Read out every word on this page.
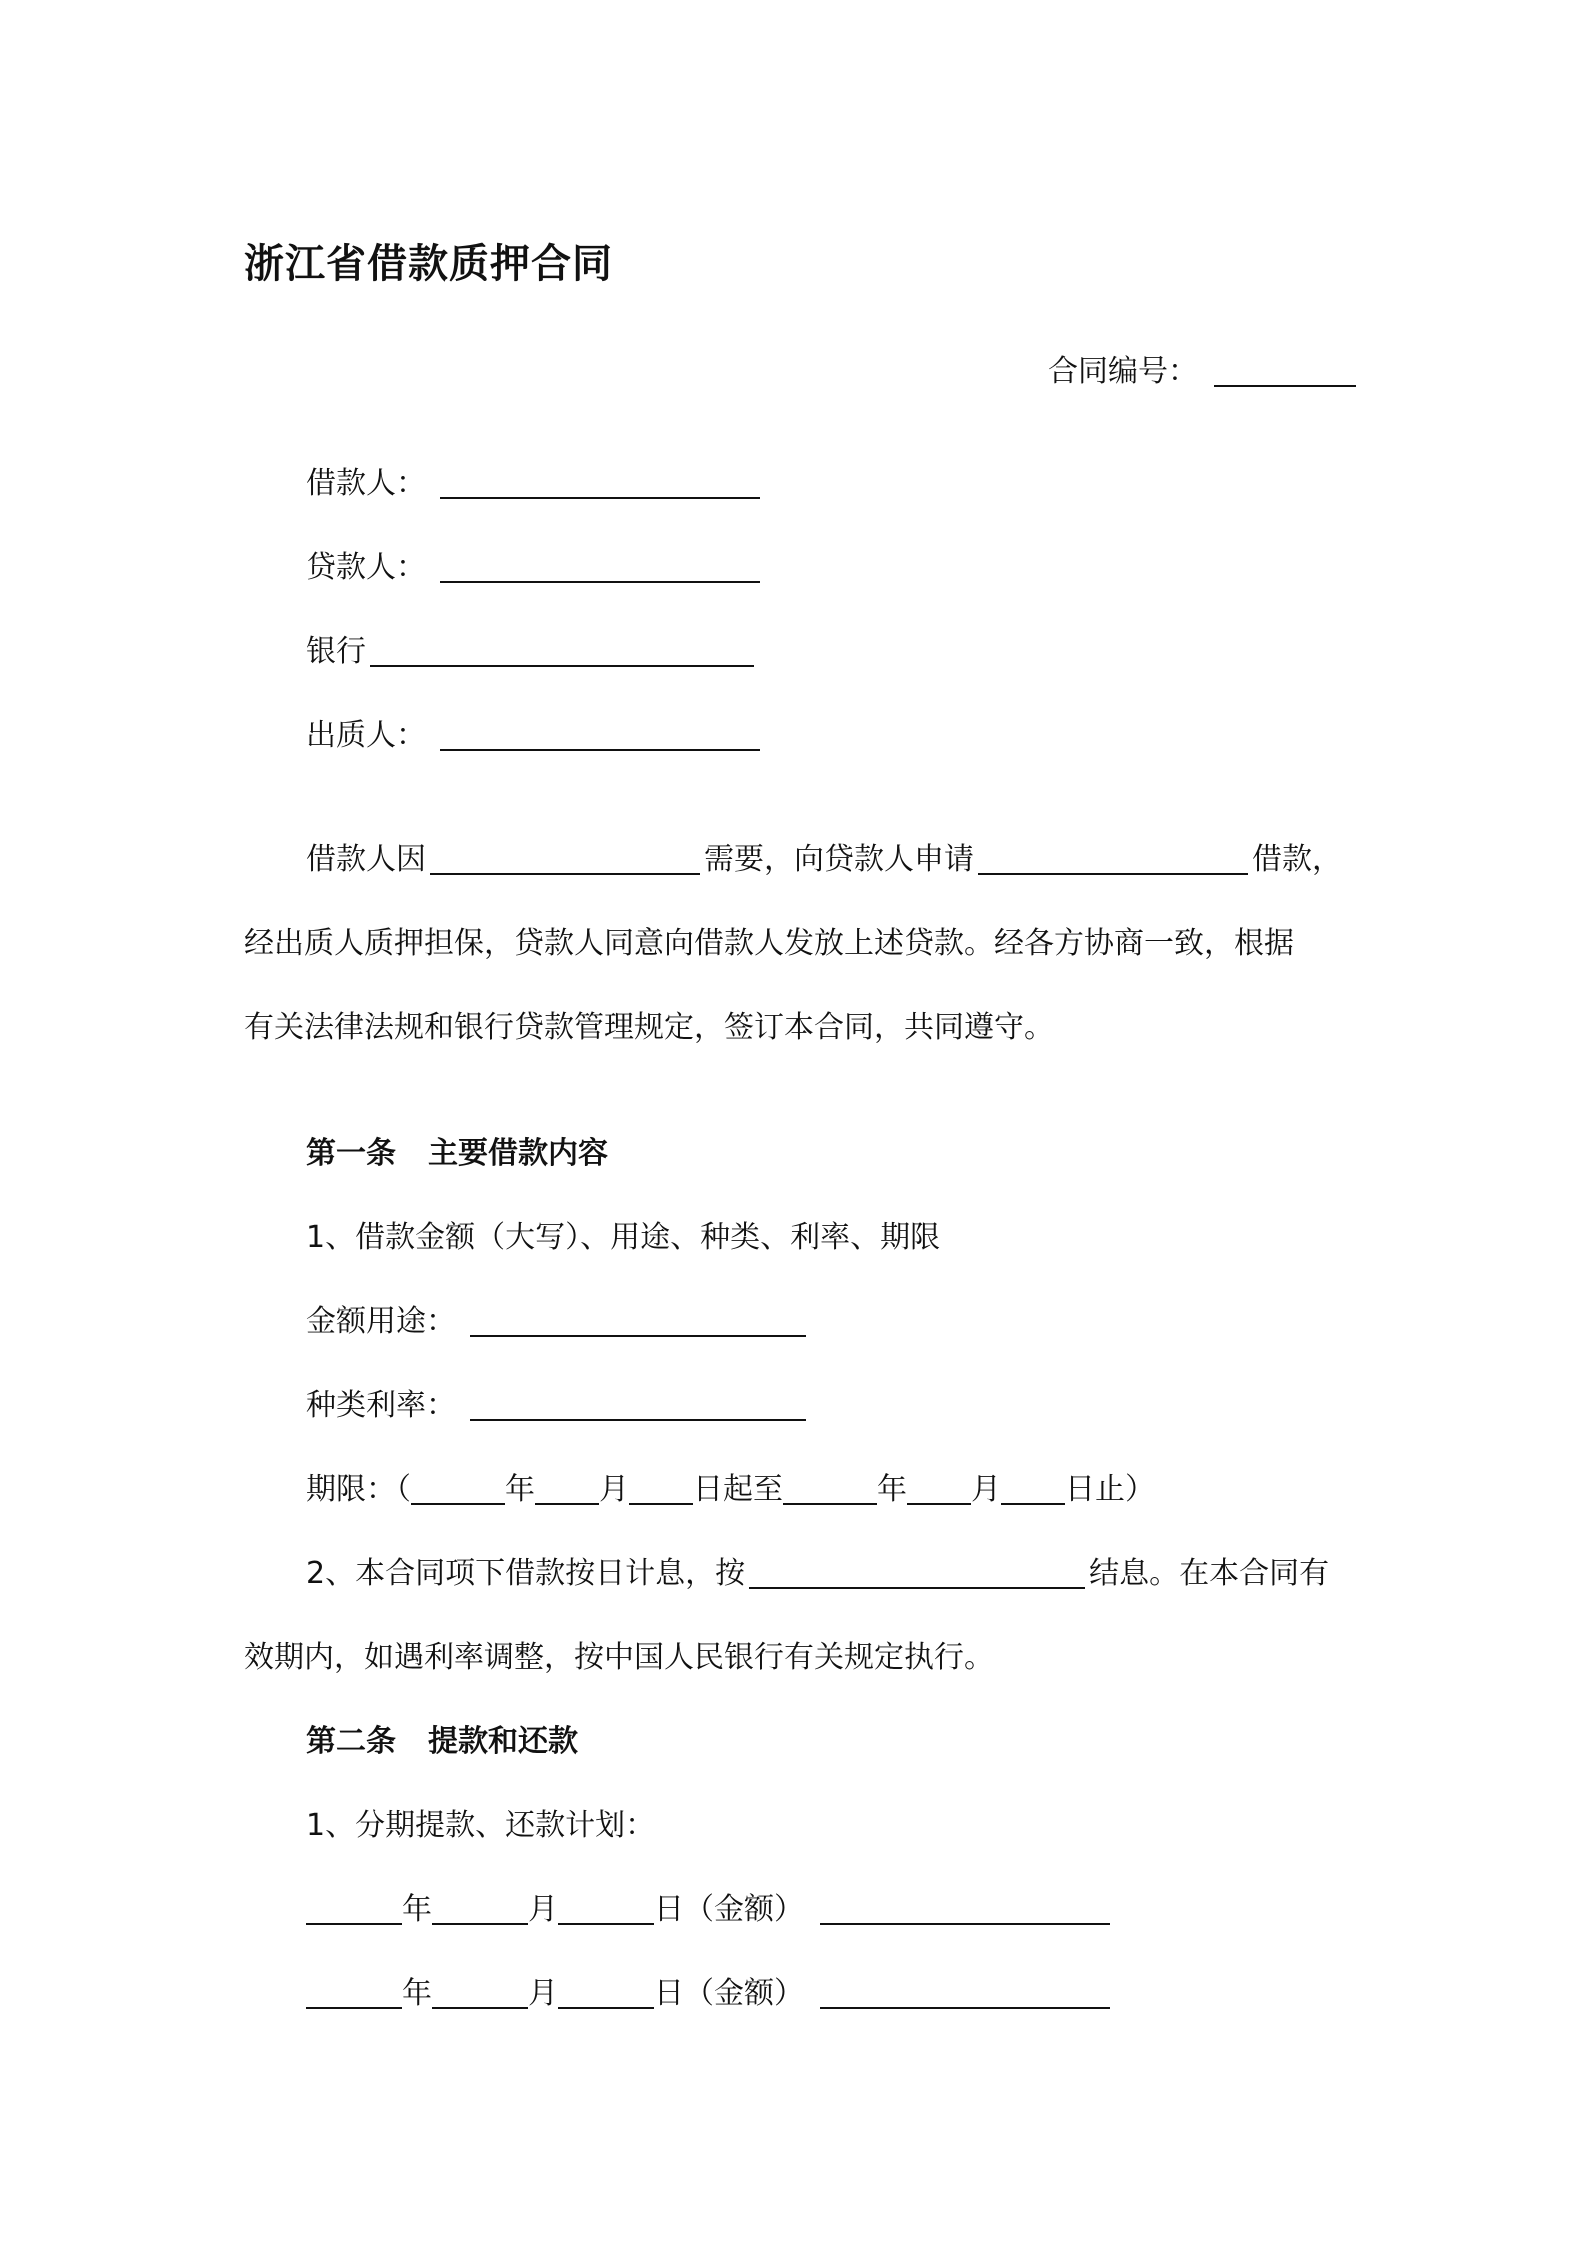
浙江省借款质押合同
合同编号：
借款人：
贷款人：
银行
出质人：
借款人因	需要，向贷款人申请	借款，
经出质人质押担保，贷款人同意向借款人发放上述贷款。经各方协商一致，根据
有关法律法规和银行贷款管理规定，签订本合同，共同遵守。
第一条 主要借款内容
1、借款金额（大写）、用途、种类、利率、期限
金额用途：
种类利率：
期限：（	年 月 日起至	年 月 日止）
2、本合同项下借款按日计息，按	结息。在本合同有
效期内，如遇利率调整，按中国人民银行有关规定执行。
第二条 提款和还款
1、分期提款、还款计划：
年	月	日（金额）
年	月	日（金额）
